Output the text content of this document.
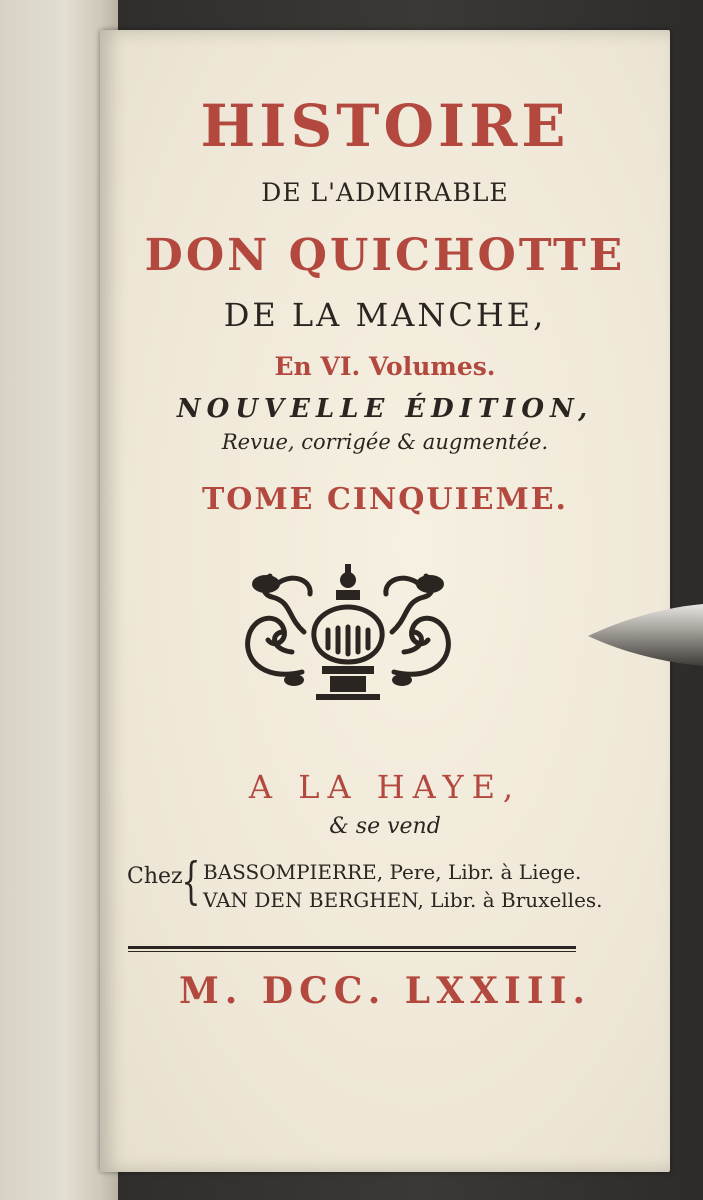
HISTOIRE
DE L'ADMIRABLE
DON QUICHOTTE
DE LA MANCHE,
En VI. Volumes.
NOUVELLE ÉDITION,
Revue, corrigée & augmentée.
TOME CINQUIEME.
A LA HAYE,
& se vend
Chez
{ BASSOMPIERRE, Pere, Libr. à Liege.
VAN DEN BERGHEN, Libr. à Bruxelles.
M. DCC. LXXIII.
